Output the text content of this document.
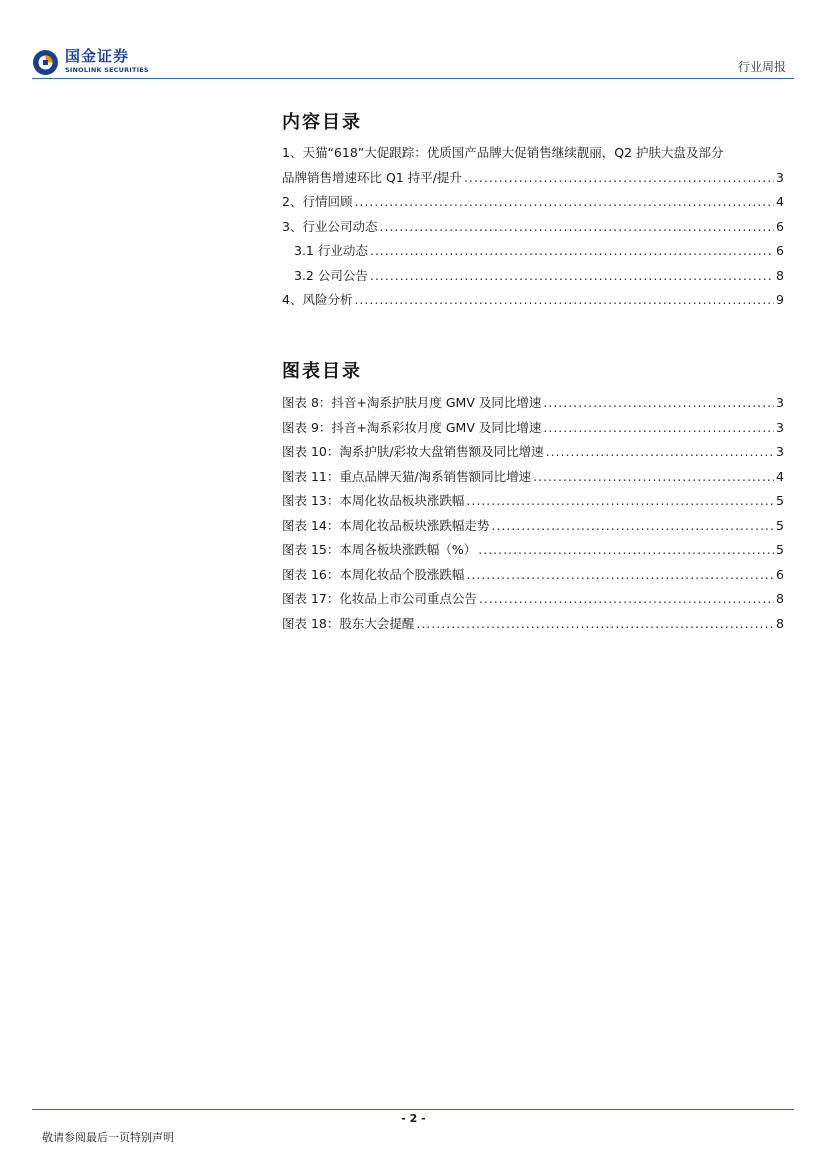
国金证券
SINOLINK SECURITIES	行业周报
内容目录
1、天猫“618”大促跟踪：优质国产品牌大促销售继续靓丽，Q2 护肤大盘及部分
品牌销售增速环比 Q1 持平/提升 .....	3
2、行情回顾 .....	4
3、行业公司动态 .....	6
3.1 行业动态 .....	6
3.2 公司公告 .....	8
4、风险分析 .....	9
图表目录
图表 8：抖音+淘系护肤月度 GMV 及同比增速 .....	3
图表 9：抖音+淘系彩妆月度 GMV 及同比增速 .....	3
图表 10：淘系护肤/彩妆大盘销售额及同比增速 .....	3
图表 11：重点品牌天猫/淘系销售额同比增速 .....	4
图表 13：本周化妆品板块涨跌幅 .....	5
图表 14：本周化妆品板块涨跌幅走势 .....	5
图表 15：本周各板块涨跌幅（%） .....	5
图表 16：本周化妆品个股涨跌幅 .....	6
图表 17：化妆品上市公司重点公告 .....	8
图表 18：股东大会提醒 .....	8
- 2 -
敬请参阅最后一页特别声明
